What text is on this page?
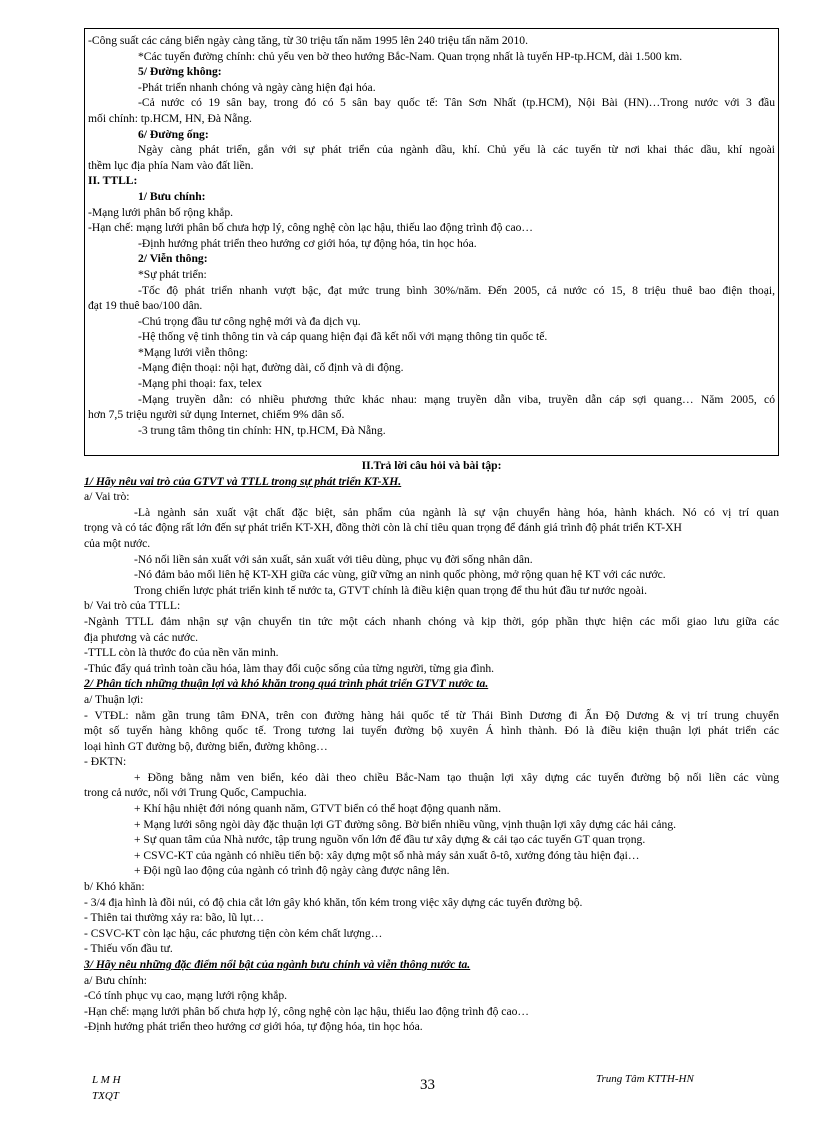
-Công suất các cảng biển ngày càng tăng, từ 30 triệu tấn năm 1995 lên 240 triệu tấn năm 2010.
*Các tuyến đường chính: chủ yếu ven bờ theo hướng Bắc-Nam. Quan trọng nhất là tuyến HP-tp.HCM, dài 1.500 km.
5/ Đường không:
-Phát triển nhanh chóng và ngày càng hiện đại hóa.
-Cả nước có 19 sân bay, trong đó có 5 sân bay quốc tế: Tân Sơn Nhất (tp.HCM), Nội Bài (HN)…Trong nước với 3 đầu
mối chính: tp.HCM, HN, Đà Nẵng.
6/ Đường ống:
Ngày càng phát triển, gắn với sự phát triển của ngành dầu, khí. Chủ yếu là các tuyến từ nơi khai thác dầu, khí ngoài
thềm lục địa phía Nam vào đất liền.
II. TTLL:
1/ Bưu chính:
-Mạng lưới phân bố rộng khắp.
-Hạn chế: mạng lưới phân bố chưa hợp lý, công nghệ còn lạc hậu, thiếu lao động trình độ cao…
-Định hướng phát triển theo hướng cơ giới hóa, tự động hóa, tin học hóa.
2/ Viễn thông:
*Sự phát triển:
-Tốc độ phát triển nhanh vượt bậc, đạt mức trung bình 30%/năm. Đến 2005, cả nước có 15, 8 triệu thuê bao điện thoại,
đạt 19 thuê bao/100 dân.
-Chú trọng đầu tư công nghệ mới và đa dịch vụ.
-Hệ thống vệ tinh thông tin và cáp quang hiện đại đã kết nối với mạng thông tin quốc tế.
*Mạng lưới viễn thông:
-Mạng điện thoại: nội hạt, đường dài, cố định và di động.
-Mạng phi thoại: fax, telex
-Mạng truyền dẫn: có nhiều phương thức khác nhau: mạng truyền dẫn viba, truyền dẫn cáp sợi quang… Năm 2005, có
hơn 7,5 triệu người sử dụng Internet, chiếm 9% dân số.
-3 trung tâm thông tin chính: HN, tp.HCM, Đà Nẵng.
II.Trả lời câu hỏi và bài tập:
1/ Hãy nêu vai trò của GTVT và TTLL trong sự phát triển KT-XH.
a/ Vai trò:
-Là ngành sản xuất vật chất đặc biệt, sản phẩm của ngành là sự vận chuyển hàng hóa, hành khách. Nó có vị trí quan
trọng và có tác động rất lớn đến sự phát triển KT-XH, đồng thời còn là chỉ tiêu quan trọng để đánh giá trình độ phát triển KT-XH
của một nước.
-Nó nối liền sản xuất với sản xuất, sản xuất với tiêu dùng, phục vụ đời sống nhân dân.
-Nó đảm bảo mối liên hệ KT-XH giữa các vùng, giữ vững an ninh quốc phòng, mở rộng quan hệ KT với các nước.
Trong chiến lược phát triển kinh tế nước ta, GTVT chính là điều kiện quan trọng để thu hút đầu tư nước ngoài.
b/ Vai trò của TTLL:
-Ngành TTLL đảm nhận sự vận chuyển tin tức một cách nhanh chóng và kịp thời, góp phần thực hiện các mối giao lưu giữa các
địa phương và các nước.
-TTLL còn là thước đo của nền văn minh.
-Thúc đẩy quá trình toàn cầu hóa, làm thay đổi cuộc sống của từng người, từng gia đình.
2/ Phân tích những thuận lợi và khó khăn trong quá trình phát triển GTVT nước ta.
a/ Thuận lợi:
- VTĐL: nằm gần trung tâm ĐNA, trên con đường hàng hải quốc tế từ Thái Bình Dương đi Ấn Độ Dương & vị trí trung chuyển
một số tuyến hàng không quốc tế. Trong tương lai tuyến đường bộ xuyên Á hình thành. Đó là điều kiện thuận lợi phát triển các
loại hình GT đường bộ, đường biển, đường không…
- ĐKTN:
+ Đồng bằng nằm ven biển, kéo dài theo chiều Bắc-Nam tạo thuận lợi xây dựng các tuyến đường bộ nối liền các vùng
trong cả nước, nối với Trung Quốc, Campuchia.
+ Khí hậu nhiệt đới nóng quanh năm, GTVT biển có thể hoạt động quanh năm.
+ Mạng lưới sông ngòi dày đặc thuận lợi GT đường sông. Bờ biển nhiều vũng, vịnh thuận lợi xây dựng các hải cảng.
+ Sự quan tâm của Nhà nước, tập trung nguồn vốn lớn để đầu tư xây dựng & cải tạo các tuyến GT quan trọng.
+ CSVC-KT của ngành có nhiều tiến bộ: xây dựng một số nhà máy sản xuất ô-tô, xưởng đóng tàu hiện đại…
+ Đội ngũ lao động của ngành có trình độ ngày càng được nâng lên.
b/ Khó khăn:
- 3/4 địa hình là đồi núi, có độ chia cắt lớn gây khó khăn, tốn kém trong việc xây dựng các tuyến đường bộ.
- Thiên tai thường xảy ra: bão, lũ lụt…
- CSVC-KT còn lạc hậu, các phương tiện còn kém chất lượng…
- Thiếu vốn đầu tư.
3/ Hãy nêu những đặc điểm nổi bật của ngành bưu chính và viễn thông nước ta.
a/ Bưu chính:
-Có tính phục vụ cao, mạng lưới rộng khắp.
-Hạn chế: mạng lưới phân bố chưa hợp lý, công nghệ còn lạc hậu, thiếu lao động trình độ cao…
-Định hướng phát triển theo hướng cơ giới hóa, tự động hóa, tin học hóa.
L M H
TXQT
33	Trung Tâm KTTH-HN
